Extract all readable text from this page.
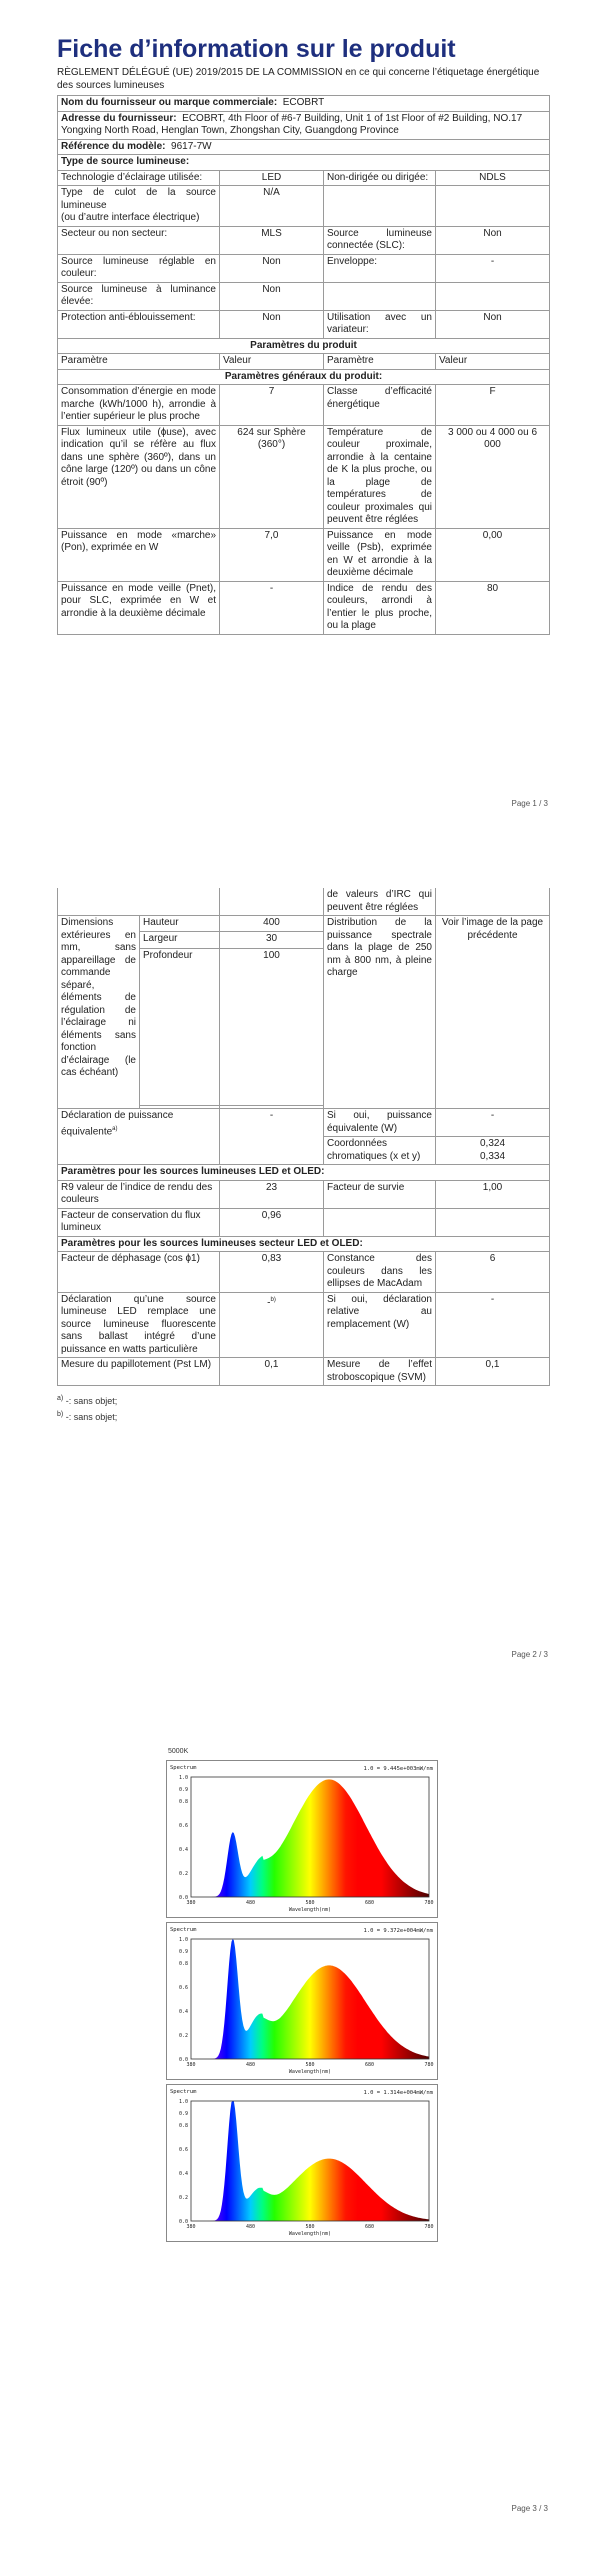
Fiche d’information sur le produit
RÈGLEMENT DÉLÉGUÉ (UE) 2019/2015 DE LA COMMISSION en ce qui concerne l’étiquetage énergétique des sources lumineuses
Nom du fournisseur ou marque commerciale: ECOBRT			
Adresse du fournisseur: ECOBRT, 4th Floor of #6-7 Building, Unit 1 of 1st Floor of #2 Building, NO.17 Yongxing North Road, Henglan Town, Zhongshan City, Guangdong Province			
Référence du modèle: 9617-7W			
Type de source lumineuse:			
Technologie d’éclairage utilisée:	LED	Non-dirigée ou dirigée:	NDLS
Type de culot de la source lumineuse
(ou d’autre interface électrique)	N/A		
Secteur ou non secteur:	MLS	Source lumineuse connectée (SLC):	Non
Source lumineuse réglable en couleur:	Non	Enveloppe:	-
Source lumineuse à luminance élevée:	Non		
Protection anti-éblouissement:	Non	Utilisation avec un variateur:	Non
Paramètres du produit			
Paramètre	Valeur	Paramètre	Valeur
Paramètres généraux du produit:			
Consommation d’énergie en mode marche (kWh/1000 h), arrondie à l’entier supérieur le plus proche	7	Classe d’efficacité énergétique	F
Flux lumineux utile (ɸuse), avec indication qu’il se réfère au flux dans une sphère (360º), dans un cône large (120º) ou dans un cône étroit (90º)	624 sur Sphère (360°)	Température de couleur proximale, arrondie à la centaine de K la plus proche, ou la plage de températures de couleur proximales qui peuvent être réglées	3 000 ou 4 000 ou 6 000
Puissance en mode «marche» (Pon), exprimée en W	7,0	Puissance en mode veille (Psb), exprimée en W et arrondie à la deuxième décimale	0,00
Puissance en mode veille (Pnet), pour SLC, exprimée en W et arrondie à la deuxième décimale	-	Indice de rendu des couleurs, arrondi à l’entier le plus proche, ou la plage	80
Page 1 / 3
			de valeurs d’IRC qui peuvent être réglées	
Dimensions extérieures en mm, sans appareillage de commande séparé, éléments de régulation de l’éclairage ni éléments sans fonction d’éclairage (le cas échéant)	Hauteur	400	Distribution de la puissance spectrale dans la plage de 250 nm à 800 nm, à pleine charge	Voir l’image de la page précédente
	Largeur	30		
	Profondeur	100		

Déclaration de puissance équivalente$^{a)}$		-	Si oui, puissance équivalente (W)	-
			Coordonnées chromatiques (x et y)	0,324
0,334
Paramètres pour les sources lumineuses LED et OLED:				
R9 valeur de l’indice de rendu des couleurs		23	Facteur de survie	1,00
Facteur de conservation du flux lumineux		0,96		
Paramètres pour les sources lumineuses secteur LED et OLED:				
Facteur de déphasage (cos ɸ1)		0,83	Constance des couleurs dans les ellipses de MacAdam	6
Déclaration qu’une source lumineuse LED remplace une source lumineuse fluorescente sans ballast intégré d’une puissance en watts particulière		-$^{b)}$	Si oui, déclaration relative au remplacement (W)	-
Mesure du papillotement (Pst LM)		0,1	Mesure de l’effet stroboscopique (SVM)	0,1
$^{a)}$ -: sans objet;
$^{b)}$ -: sans objet;
Page 2 / 3
5000K
Spectrum	1.0 = 9.445e+003mW/nm
1.0
0.9
0.8
0.6
0.4
0.2
0.0
380	480	580	680	780
Wavelength(nm)
Spectrum	1.0 = 9.372e+004mW/nm
1.0
0.9
0.8
0.6
0.4
0.2
0.0
380	480	580	680	780
Wavelength(nm)
Spectrum	1.0 = 1.314e+004mW/nm
1.0
0.9
0.8
0.6
0.4
0.2
0.0
380	480	580	680	780
Wavelength(nm)
Page 3 / 3
